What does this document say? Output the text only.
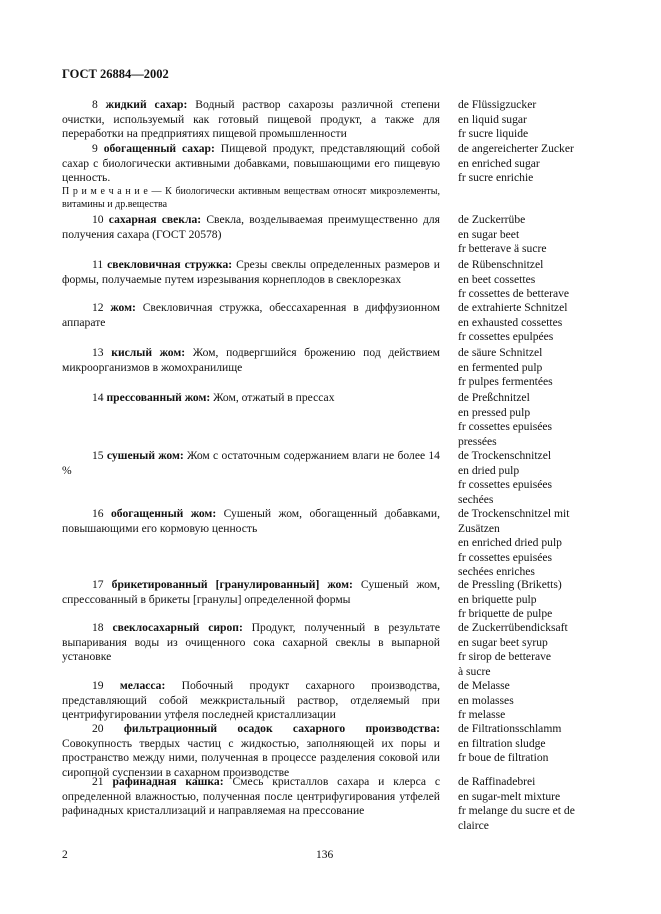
ГОСТ 26884—2002
8 жидкий сахар: Водный раствор сахарозы различной степени очистки, используемый как готовый пищевой продукт, а также для переработки на предприятиях пищевой промышленности
de Flüssigzucker
en liquid sugar
fr sucre liquide
9 обогащенный сахар: Пищевой продукт, представляющий собой сахар с биологически активными добавками, повышающими его пищевую ценность.
de angereicherter Zucker
en enriched sugar
fr sucre enrichie
10 сахарная свекла: Свекла, возделываемая преимущественно для получения сахара (ГОСТ 20578)
de Zuckerrübe
en sugar beet
fr betterave ä sucre
11 свекловичная стружка: Срезы свеклы определенных размеров и формы, получаемые путем изрезывания корнеплодов в свеклорезках
de Rübenschnitzel
en beet cossettes
fr cossettes de betterave
12 жом: Свекловичная стружка, обессахаренная в диффузионном аппарате
de extrahierte Schnitzel
en exhausted cossettes
fr cossettes epulpées
13 кислый жом: Жом, подвергшийся брожению под действием микроорганизмов в жомохранилище
de säure Schnitzel
en fermented pulp
fr pulpes fermentées
14 прессованный жом: Жом, отжатый в прессах	de Preßchnitzel
en pressed pulp
fr cossettes epuisées
pressées
15 сушеный жом: Жом с остаточным содержанием влаги не более 14 %
de Trockenschnitzel
en dried pulp
fr cossettes epuisées
sechées
16 обогащенный жом: Сушеный жом, обогащенный добавками, повышающими его кормовую ценность
de Trockenschnitzel mit
Zusätzen
en enriched dried pulp
fr cossettes epuisées
sechées enriches
17 брикетированный [гранулированный] жом: Сушеный жом, спрессованный в брикеты [гранулы] определенной формы
de Pressling (Briketts)
en briquette pulp
fr briquette de pulpe
18 свеклосахарный сироп: Продукт, полученный в результате выпаривания воды из очищенного сока сахарной свеклы в выпарной установке
de Zuckerrübendicksaft
en sugar beet syrup
fr sirop de betterave
à sucre
19 меласса: Побочный продукт сахарного производства, представляющий собой межкристальный раствор, отделяемый при центрифугировании утфеля последней кристаллизации
de Melasse
en molasses
fr melasse
20 фильтрационный осадок сахарного производства: Совокупность твердых частиц с жидкостью, заполняющей их поры и пространство между ними, полученная в процессе разделения соковой или сиропной суспензии в сахарном производстве
de Filtrationsschlamm
en filtration sludge
fr boue de filtration
21 рафинадная кашка: Смесь кристаллов сахара и клерса с определенной влажностью, полученная после центрифугирования утфелей рафинадных кристаллизаций и направляемая на прессование
de Raffinadebrei
en sugar-melt mixture
fr melange du sucre et de
clairce
П р и м е ч а н и е — К биологически активным веществам относят микроэлементы, витамины и др.вещества
2	136
